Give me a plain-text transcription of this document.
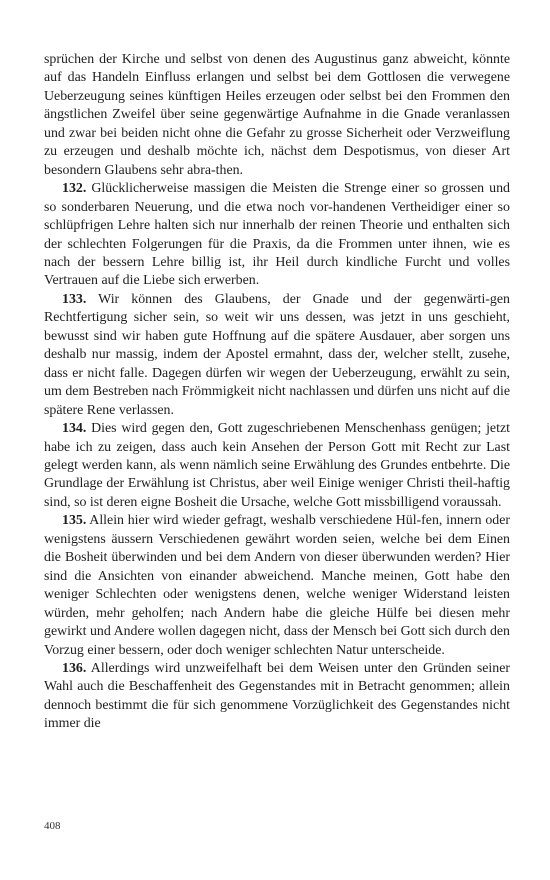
sprüchen der Kirche und selbst von denen des Augustinus ganz abweicht, könnte auf das Handeln Einfluss erlangen und selbst bei dem Gottlosen die verwegene Ueberzeugung seines künftigen Heiles erzeugen oder selbst bei den Frommen den ängstlichen Zweifel über seine gegenwärtige Aufnahme in die Gnade veranlassen und zwar bei beiden nicht ohne die Gefahr zu grosse Sicherheit oder Verzweiflung zu erzeugen und deshalb möchte ich, nächst dem Despotismus, von dieser Art besondern Glaubens sehr abra-then.

132. Glücklicherweise massigen die Meisten die Strenge einer so grossen und so sonderbaren Neuerung, und die etwa noch vor-handenen Vertheidiger einer so schlüpfrigen Lehre halten sich nur innerhalb der reinen Theorie und enthalten sich der schlechten Folgerungen für die Praxis, da die Frommen unter ihnen, wie es nach der bessern Lehre billig ist, ihr Heil durch kindliche Furcht und volles Vertrauen auf die Liebe sich erwerben.

133. Wir können des Glaubens, der Gnade und der gegenwärti-gen Rechtfertigung sicher sein, so weit wir uns dessen, was jetzt in uns geschieht, bewusst sind wir haben gute Hoffnung auf die spätere Ausdauer, aber sorgen uns deshalb nur massig, indem der Apostel ermahnt, dass der, welcher stellt, zusehe, dass er nicht falle. Dagegen dürfen wir wegen der Ueberzeugung, erwählt zu sein, um dem Bestreben nach Frömmigkeit nicht nachlassen und dürfen uns nicht auf die spätere Rene verlassen.

134. Dies wird gegen den, Gott zugeschriebenen Menschenhass genügen; jetzt habe ich zu zeigen, dass auch kein Ansehen der Person Gott mit Recht zur Last gelegt werden kann, als wenn nämlich seine Erwählung des Grundes entbehrte. Die Grundlage der Erwählung ist Christus, aber weil Einige weniger Christi theil-haftig sind, so ist deren eigne Bosheit die Ursache, welche Gott missbilligend voraussah.

135. Allein hier wird wieder gefragt, weshalb verschiedene Hül-fen, innern oder wenigstens äussern Verschiedenen gewährt worden seien, welche bei dem Einen die Bosheit überwinden und bei dem Andern von dieser überwunden werden? Hier sind die Ansichten von einander abweichend. Manche meinen, Gott habe den weniger Schlechten oder wenigstens denen, welche weniger Widerstand leisten würden, mehr geholfen; nach Andern habe die gleiche Hülfe bei diesen mehr gewirkt und Andere wollen dagegen nicht, dass der Mensch bei Gott sich durch den Vorzug einer bessern, oder doch weniger schlechten Natur unterscheide.

136. Allerdings wird unzweifelhaft bei dem Weisen unter den Gründen seiner Wahl auch die Beschaffenheit des Gegenstandes mit in Betracht genommen; allein dennoch bestimmt die für sich genommene Vorzüglichkeit des Gegenstandes nicht immer die

408
